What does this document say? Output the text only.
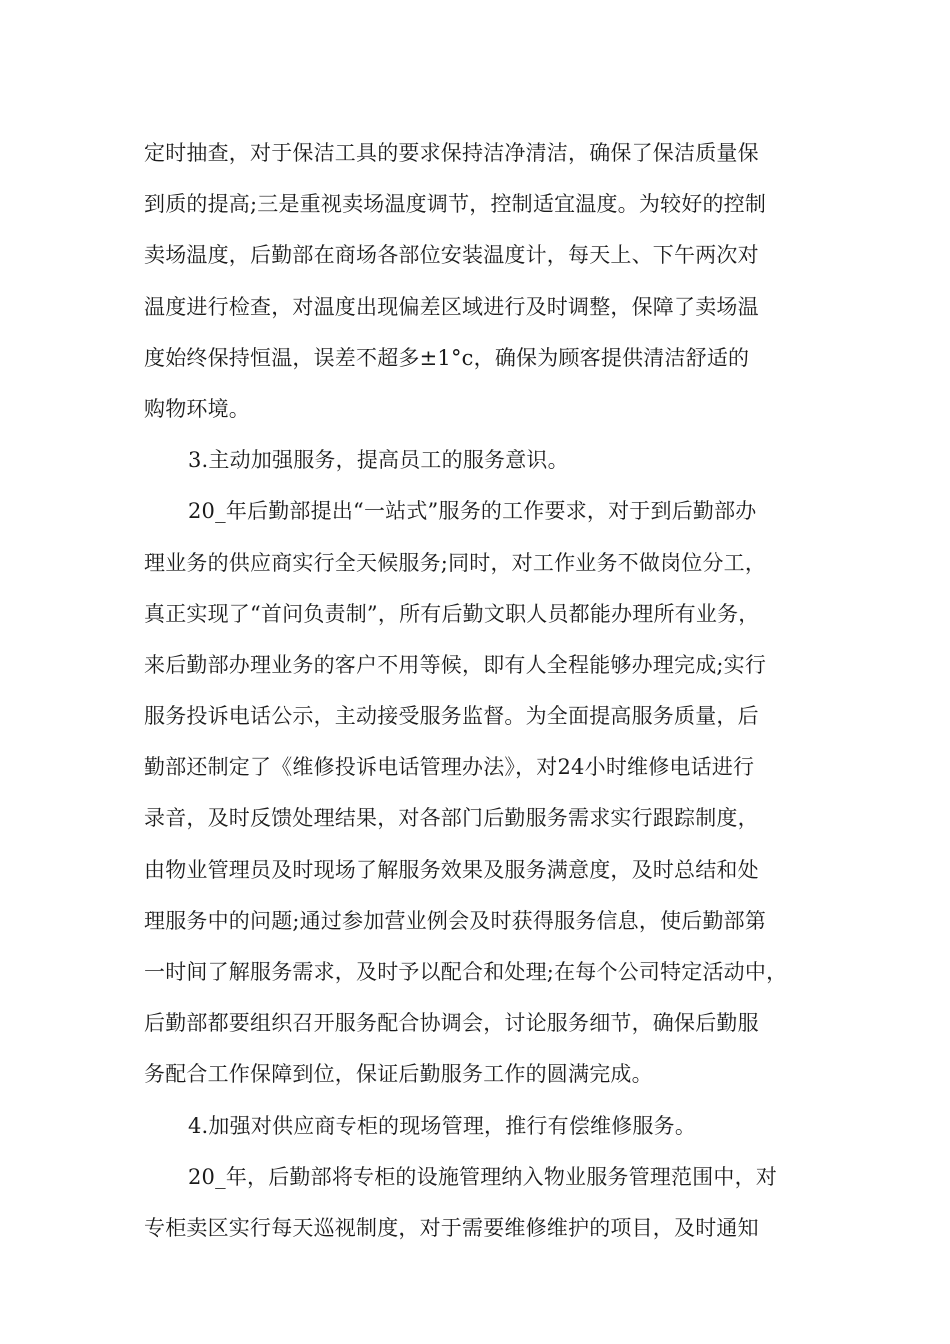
定时抽查，对于保洁工具的要求保持洁净清洁，确保了保洁质量保
到质的提高;三是重视卖场温度调节，控制适宜温度。为较好的控制
卖场温度，后勤部在商场各部位安装温度计，每天上、下午两次对
温度进行检查，对温度出现偏差区域进行及时调整，保障了卖场温
度始终保持恒温，误差不超多±1°c，确保为顾客提供清洁舒适的
购物环境。
3.主动加强服务，提高员工的服务意识。
20_年后勤部提出“一站式”服务的工作要求，对于到后勤部办
理业务的供应商实行全天候服务;同时，对工作业务不做岗位分工，
真正实现了“首问负责制”，所有后勤文职人员都能办理所有业务，
来后勤部办理业务的客户不用等候，即有人全程能够办理完成;实行
服务投诉电话公示，主动接受服务监督。为全面提高服务质量，后
勤部还制定了《维修投诉电话管理办法》，对24小时维修电话进行
录音，及时反馈处理结果，对各部门后勤服务需求实行跟踪制度，
由物业管理员及时现场了解服务效果及服务满意度，及时总结和处
理服务中的问题;通过参加营业例会及时获得服务信息，使后勤部第
一时间了解服务需求，及时予以配合和处理;在每个公司特定活动中，
后勤部都要组织召开服务配合协调会，讨论服务细节，确保后勤服
务配合工作保障到位，保证后勤服务工作的圆满完成。
4.加强对供应商专柜的现场管理，推行有偿维修服务。
20_年，后勤部将专柜的设施管理纳入物业服务管理范围中，对
专柜卖区实行每天巡视制度，对于需要维修维护的项目，及时通知
